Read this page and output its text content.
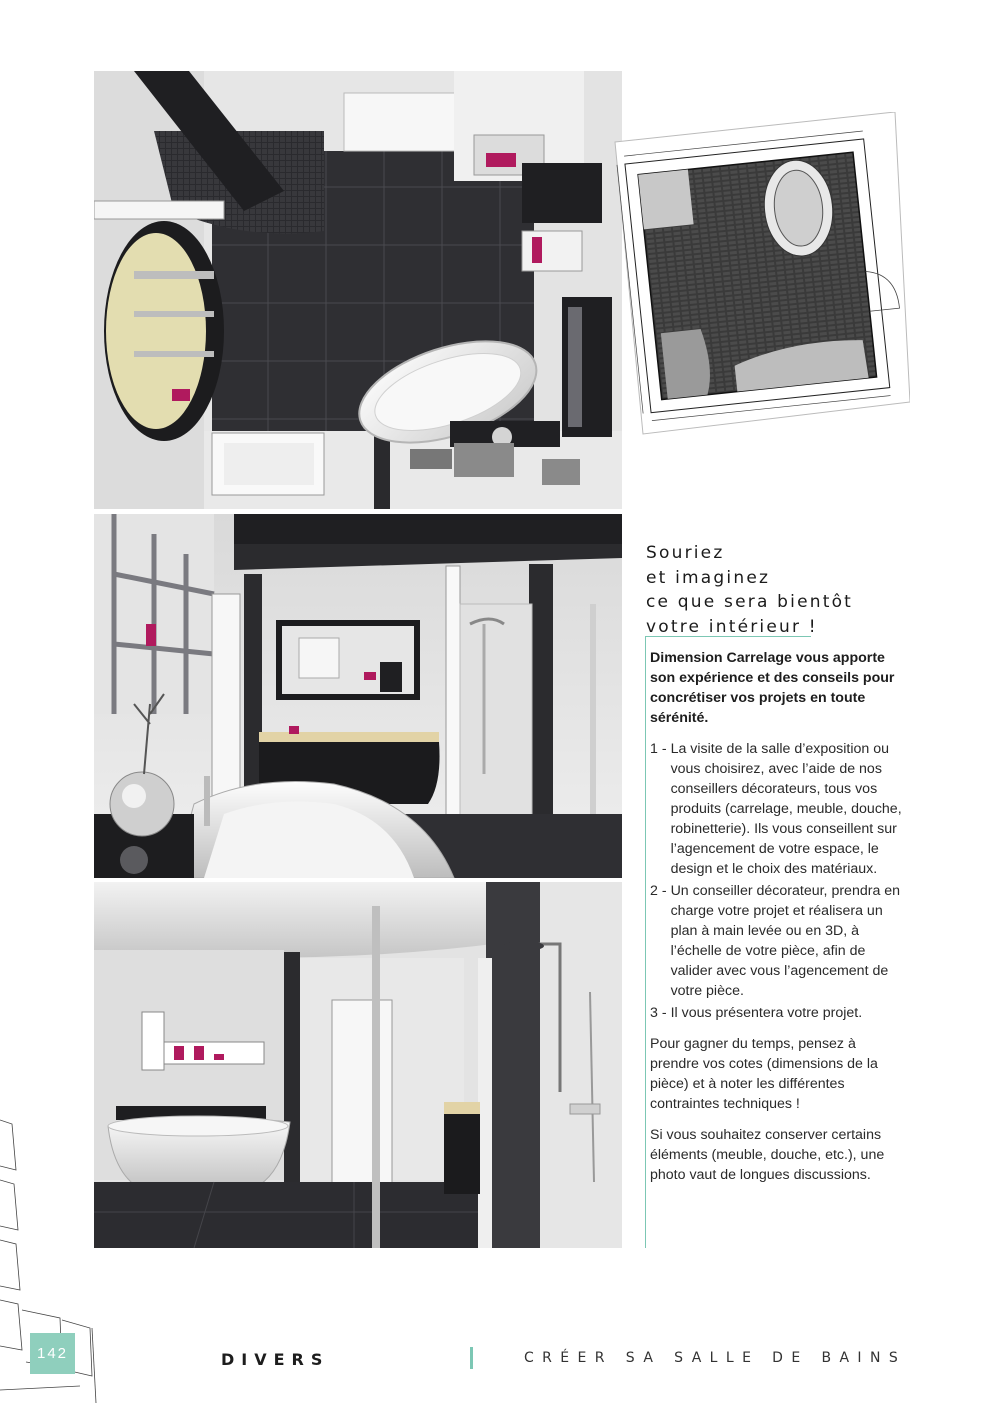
Souriez
et imaginez
ce que sera bientôt
votre intérieur !
Dimension Carrelage vous apporte son expérience et des conseils pour concrétiser vos projets en toute sérénité.
1 - La visite de la salle d’exposition ou vous choisirez, avec l’aide de nos conseillers décorateurs, tous vos produits (carrelage, meuble, douche, robinetterie). Ils vous conseillent sur l’agencement de votre espace, le design et le choix des matériaux.
2 - Un conseiller décorateur, prendra en charge votre projet et réalisera un plan à main levée ou en 3D, à l’échelle de votre pièce, afin de valider avec vous l’agencement de votre pièce.
3 - Il vous présentera votre projet.
Pour gagner du temps, pensez à prendre vos cotes (dimensions de la pièce) et à noter les différentes contraintes techniques !
Si vous souhaitez conserver certains éléments (meuble, douche, etc.), une photo vaut de longues discussions.
142	DIVERS	CRÉER SA SALLE DE BAINS
